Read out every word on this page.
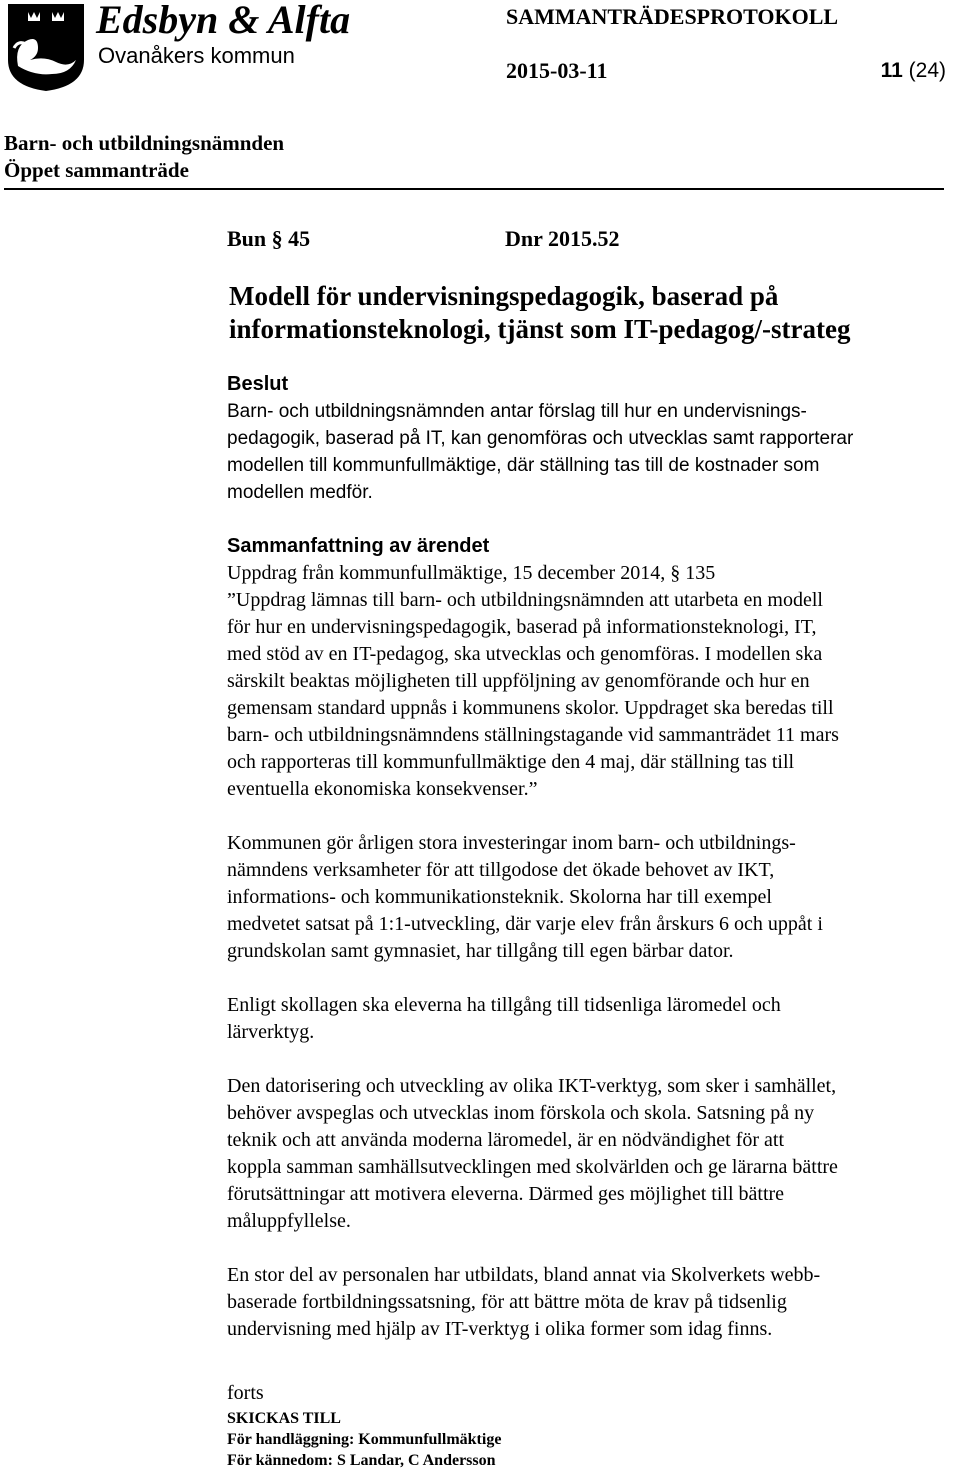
Edsbyn & Alfta
Ovanåkers kommun
SAMMANTRÄDESPROTOKOLL
2015-03-11	11 (24)
Barn- och utbildningsnämnden
Öppet sammanträde
Bun § 45	Dnr 2015.52
Modell för undervisningspedagogik, baserad på
informationsteknologi, tjänst som IT-pedagog/-strateg
Beslut
Barn- och utbildningsnämnden antar förslag till hur en undervisnings-
pedagogik, baserad på IT, kan genomföras och utvecklas samt rapporterar
modellen till kommunfullmäktige, där ställning tas till de kostnader som
modellen medför.
Sammanfattning av ärendet
Uppdrag från kommunfullmäktige, 15 december 2014, § 135
”Uppdrag lämnas till barn- och utbildningsnämnden att utarbeta en modell
för hur en undervisningspedagogik, baserad på informationsteknologi, IT,
med stöd av en IT-pedagog, ska utvecklas och genomföras. I modellen ska
särskilt beaktas möjligheten till uppföljning av genomförande och hur en
gemensam standard uppnås i kommunens skolor. Uppdraget ska beredas till
barn- och utbildningsnämndens ställningstagande vid sammanträdet 11 mars
och rapporteras till kommunfullmäktige den 4 maj, där ställning tas till
eventuella ekonomiska konsekvenser.”
Kommunen gör årligen stora investeringar inom barn- och utbildnings-
nämndens verksamheter för att tillgodose det ökade behovet av IKT,
informations- och kommunikationsteknik. Skolorna har till exempel
medvetet satsat på 1:1-utveckling, där varje elev från årskurs 6 och uppåt i
grundskolan samt gymnasiet, har tillgång till egen bärbar dator.
Enligt skollagen ska eleverna ha tillgång till tidsenliga läromedel och
lärverktyg.
Den datorisering och utveckling av olika IKT-verktyg, som sker i samhället,
behöver avspeglas och utvecklas inom förskola och skola. Satsning på ny
teknik och att använda moderna läromedel, är en nödvändighet för att
koppla samman samhällsutvecklingen med skolvärlden och ge lärarna bättre
förutsättningar att motivera eleverna. Därmed ges möjlighet till bättre
måluppfyllelse.
En stor del av personalen har utbildats, bland annat via Skolverkets webb-
baserade fortbildningssatsning, för att bättre möta de krav på tidsenlig
undervisning med hjälp av IT-verktyg i olika former som idag finns.
forts
SKICKAS TILL
För handläggning: Kommunfullmäktige
För kännedom: S Landar, C Andersson
